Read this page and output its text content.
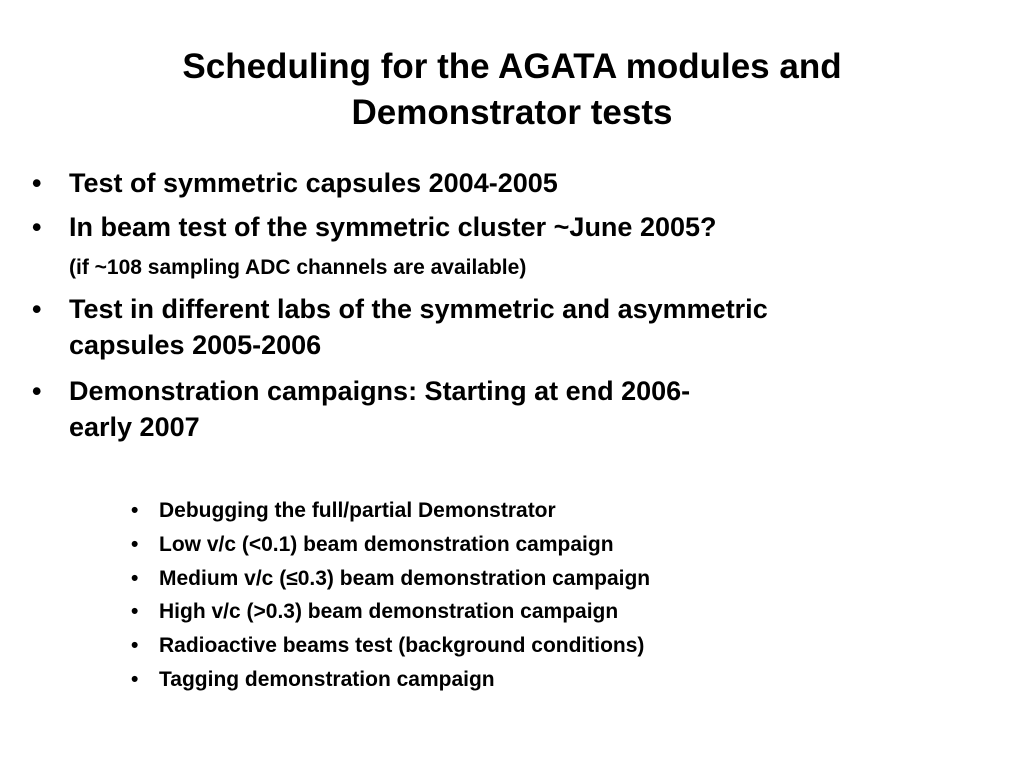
Scheduling for the AGATA modules and
Demonstrator tests
• Test of symmetric capsules 2004-2005
• In beam test of the symmetric cluster ~June 2005?
(if ~108 sampling ADC channels are available)
• Test in different labs of the symmetric and asymmetric
capsules 2005-2006
• Demonstration campaigns: Starting at end 2006-
early 2007
• Debugging the full/partial Demonstrator
• Low v/c (<0.1) beam demonstration campaign
• Medium v/c (≤0.3) beam demonstration campaign
• High v/c (>0.3) beam demonstration campaign
• Radioactive beams test (background conditions)
• Tagging demonstration campaign
